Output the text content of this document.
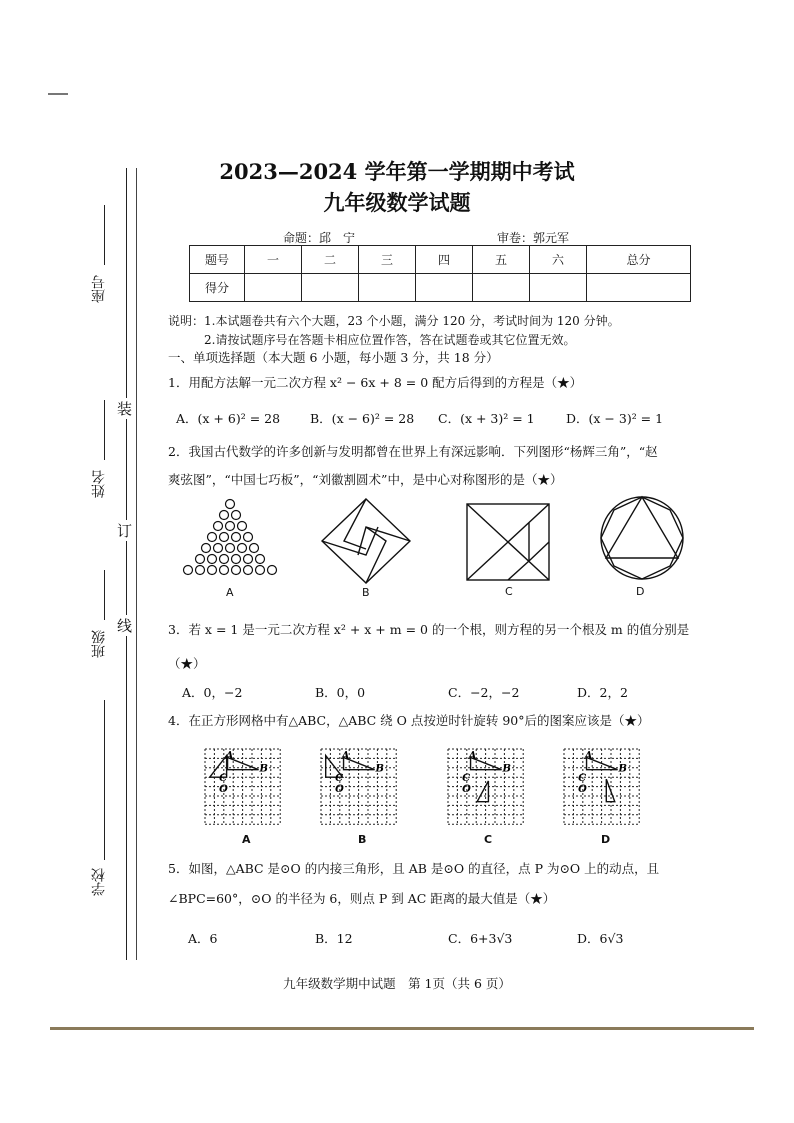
座号
姓名
班级
学校
装
订
线
2023—2024 学年第一学期期中考试
九年级数学试题
命题：邱　宁	审卷：郭元军
题号	一	二	三	四	五	六	总分
得分							
说明：1.本试题卷共有六个大题，23 个小题，满分 120 分，考试时间为 120 分钟。
2.请按试题序号在答题卡相应位置作答，答在试题卷或其它位置无效。
一、单项选择题（本大题 6 小题，每小题 3 分，共 18 分）
1．用配方法解一元二次方程 x² − 6x + 8 = 0 配方后得到的方程是（★）
A．(x + 6)² = 28 B．(x − 6)² = 28 C．(x + 3)² = 1	D．(x − 3)² = 1
2．我国古代数学的许多创新与发明都曾在世界上有深远影响．下列图形“杨辉三角”，“赵
爽弦图”，“中国七巧板”，“刘徽割圆术”中，是中心对称图形的是（★）
A	B	C	D
3．若 x = 1 是一元二次方程 x² + x + m = 0 的一个根，则方程的另一个根及 m 的值分别是
（★）
A．0，−2	B．0，0	C．−2，−2	D．2，2
4．在正方形网格中有△ABC，△ABC 绕 O 点按逆时针旋转 90°后的图案应该是（★）
A
B
C
O
A
B
C
O
A
B
C
O
A
B
C
O
A	B	C	D
5．如图，△ABC 是⊙O 的内接三角形，且 AB 是⊙O 的直径，点 P 为⊙O 上的动点，且
∠BPC=60°，⊙O 的半径为 6，则点 P 到 AC 距离的最大值是（★）
A．6	B．12	C．6+3√3	D．6√3
九年级数学期中试题　第 1页（共 6 页）
